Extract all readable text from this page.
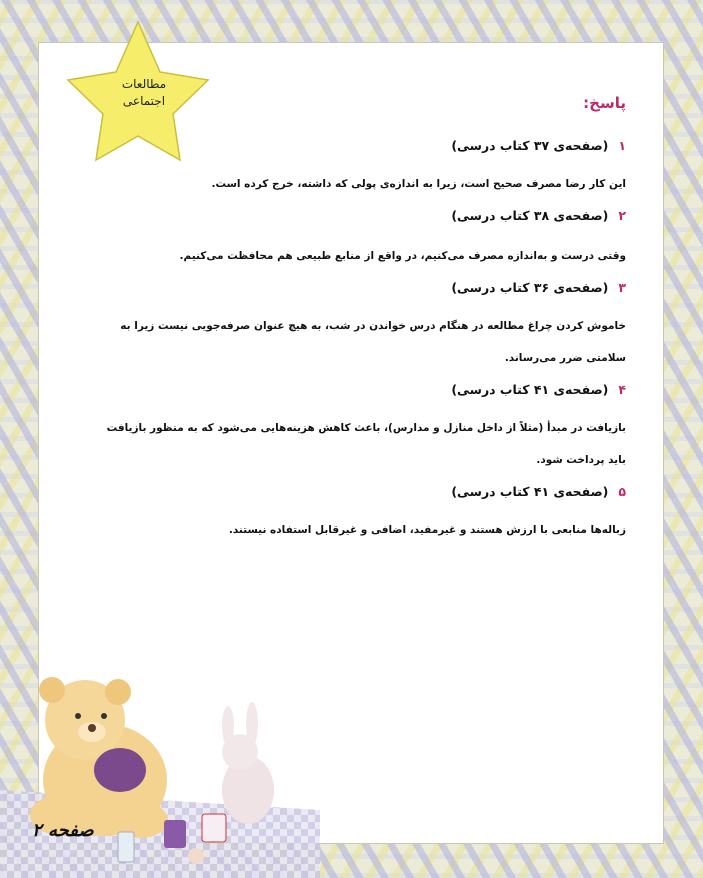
مطالعات
اجتماعی	پاسخ:
۱(صفحه‌ی ۳۷ کتاب درسی)
این کار رضا مصرف صحیح است، زیرا به اندازه‌ی پولی که داشته، خرج کرده است.
۲(صفحه‌ی ۳۸ کتاب درسی)
وقتی درست و به‌اندازه مصرف می‌کنیم، در واقع از منابع طبیعی هم محافظت می‌کنیم.
۳(صفحه‌ی ۳۶ کتاب درسی)
خاموش کردن چراغ مطالعه در هنگام درس خواندن در شب، به هیچ عنوان صرفه‌جویی نیست زیرا به سلامتی ضرر می‌رساند.
۴(صفحه‌ی ۴۱ کتاب درسی)
بازیافت در مبدأ (مثلاً از داخل منازل و مدارس)، باعث کاهش هزینه‌هایی می‌شود که به منظور بازیافت باید پرداخت شود.
۵(صفحه‌ی ۴۱ کتاب درسی)
زباله‌ها منابعی با ارزش هستند و غیرمفید، اضافی و غیرقابل استفاده نیستند.
صفحه ۲
